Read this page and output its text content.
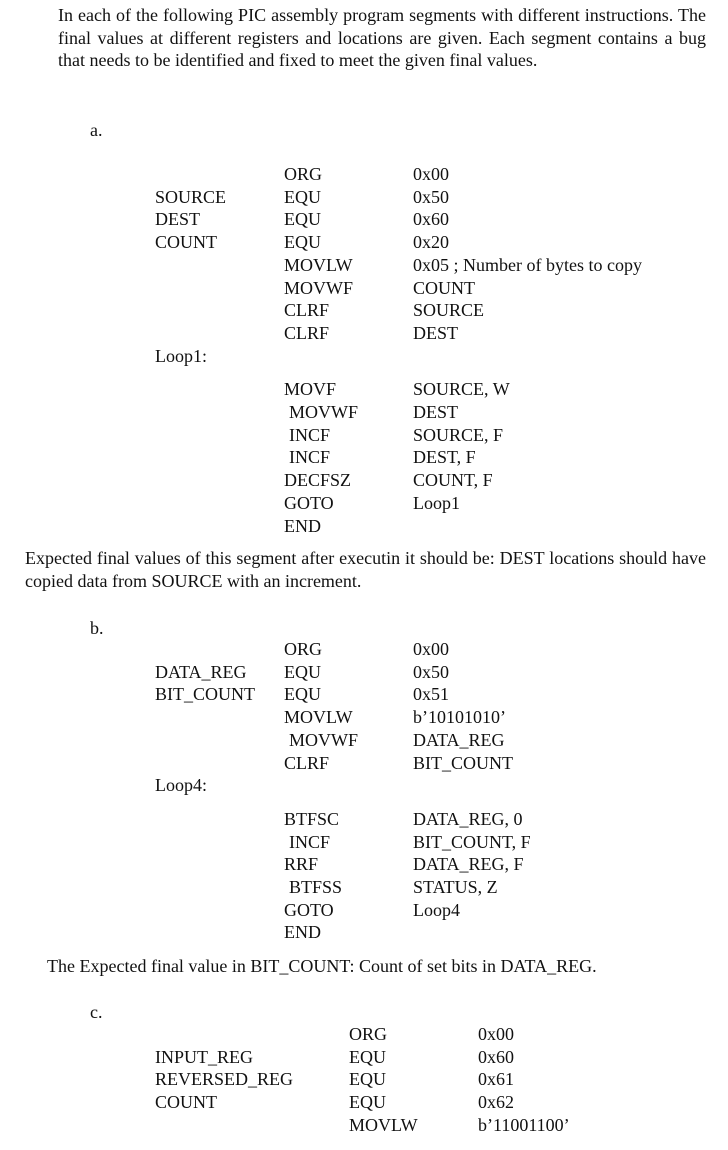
In each of the following PIC assembly program segments with different instructions. The final values at different registers and locations are given. Each segment contains a bug that needs to be identified and fixed to meet the given final values.
a.
ORG	0x00
SOURCE	EQU	0x50
DEST	EQU	0x60
COUNT	EQU	0x20
MOVLW	0x05 ; Number of bytes to copy
MOVWF	COUNT
CLRF	SOURCE
CLRF	DEST
Loop1:
MOVF	SOURCE, W
MOVWF	DEST
INCF	SOURCE, F
INCF	DEST, F
DECFSZ	COUNT, F
GOTO	Loop1
END
Expected final values of this segment after executin it should be: DEST locations should have copied data from SOURCE with an increment.
b.
ORG	0x00
DATA_REG EQU	0x50
BIT_COUNT EQU	0x51
MOVLW	b’10101010’
MOVWF	DATA_REG
CLRF	BIT_COUNT
Loop4:
BTFSC	DATA_REG, 0
INCF	BIT_COUNT, F
RRF	DATA_REG, F
BTFSS	STATUS, Z
GOTO	Loop4
END
The Expected final value in BIT_COUNT: Count of set bits in DATA_REG.
c.
ORG	0x00
INPUT_REG	EQU	0x60
REVERSED_REG	EQU	0x61
COUNT	EQU	0x62
MOVLW	b’11001100’
